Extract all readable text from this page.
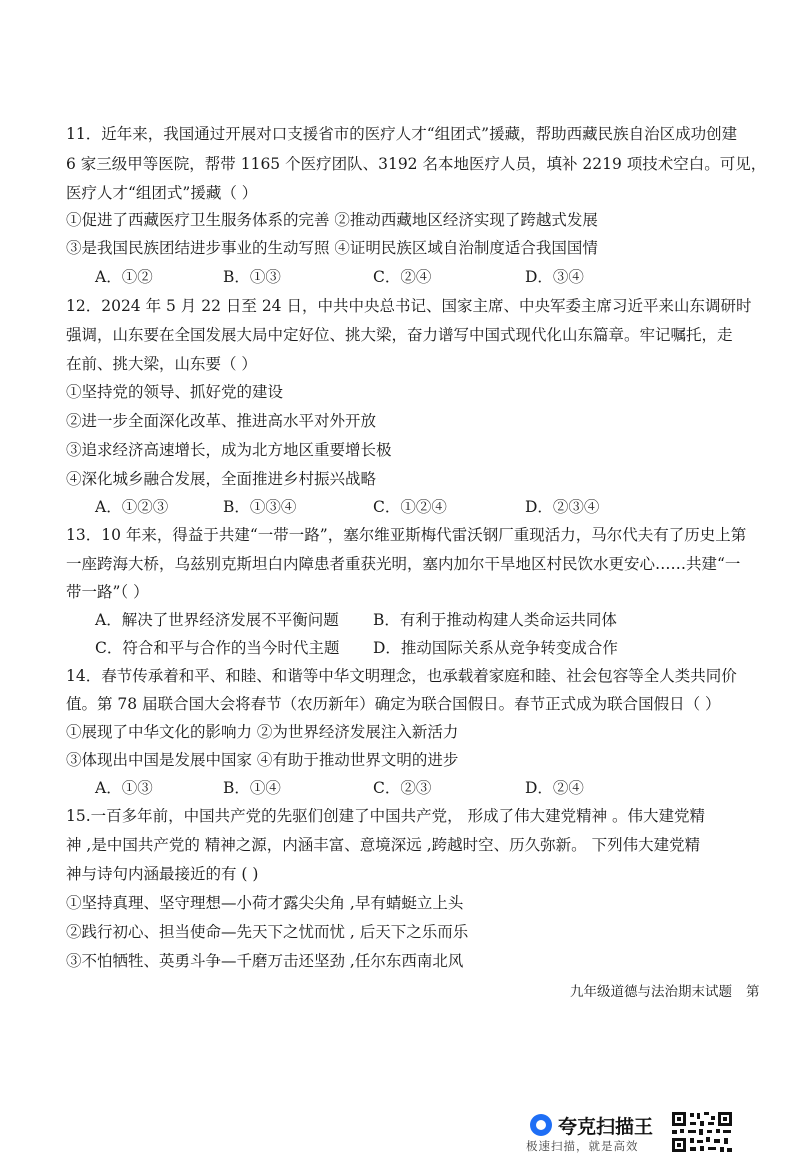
11．近年来，我国通过开展对口支援省市的医疗人才“组团式”援藏，帮助西藏民族自治区成功创建
6 家三级甲等医院，帮带 1165 个医疗团队、3192 名本地医疗人员，填补 2219 项技术空白。可见，
医疗人才“组团式”援藏（ ）
①促进了西藏医疗卫生服务体系的完善 ②推动西藏地区经济实现了跨越式发展
③是我国民族团结进步事业的生动写照 ④证明民族区域自治制度适合我国国情
A．①②	B．①③	C．②④	D．③④
12．2024 年 5 月 22 日至 24 日，中共中央总书记、国家主席、中央军委主席习近平来山东调研时
强调，山东要在全国发展大局中定好位、挑大梁，奋力谱写中国式现代化山东篇章。牢记嘱托，走
在前、挑大梁，山东要（ ）
①坚持党的领导、抓好党的建设
②进一步全面深化改革、推进高水平对外开放
③追求经济高速增长，成为北方地区重要增长极
④深化城乡融合发展，全面推进乡村振兴战略
A．①②③	B．①③④	C．①②④	D．②③④
13．10 年来，得益于共建“一带一路”，塞尔维亚斯梅代雷沃钢厂重现活力，马尔代夫有了历史上第
一座跨海大桥，乌兹别克斯坦白内障患者重获光明，塞内加尔干旱地区村民饮水更安心……共建“一
带一路”（ ）
A．解决了世界经济发展不平衡问题 B．有利于推动构建人类命运共同体
C．符合和平与合作的当今时代主题 D．推动国际关系从竞争转变成合作
14．春节传承着和平、和睦、和谐等中华文明理念，也承载着家庭和睦、社会包容等全人类共同价
值。第 78 届联合国大会将春节（农历新年）确定为联合国假日。春节正式成为联合国假日（ ）
①展现了中华文化的影响力 ②为世界经济发展注入新活力
③体现出中国是发展中国家 ④有助于推动世界文明的进步
A．①③	B．①④	C．②③	D．②④
15.一百多年前，中国共产党的先驱们创建了中国共产党， 形成了伟大建党精神 。伟大建党精
神 ,是中国共产党的 精神之源，内涵丰富、意境深远 ,跨越时空、历久弥新。 下列伟大建党精
神与诗句内涵最接近的有 ( )
①坚持真理、坚守理想—小荷才露尖尖角 ,早有蜻蜓立上头
②践行初心、担当使命—先天下之忧而忧 , 后天下之乐而乐
③不怕牺牲、英勇斗争—千磨万击还坚劲 ,任尔东西南北风
九年级道德与法治期末试题 第
夸克扫描王
极速扫描，就是高效
